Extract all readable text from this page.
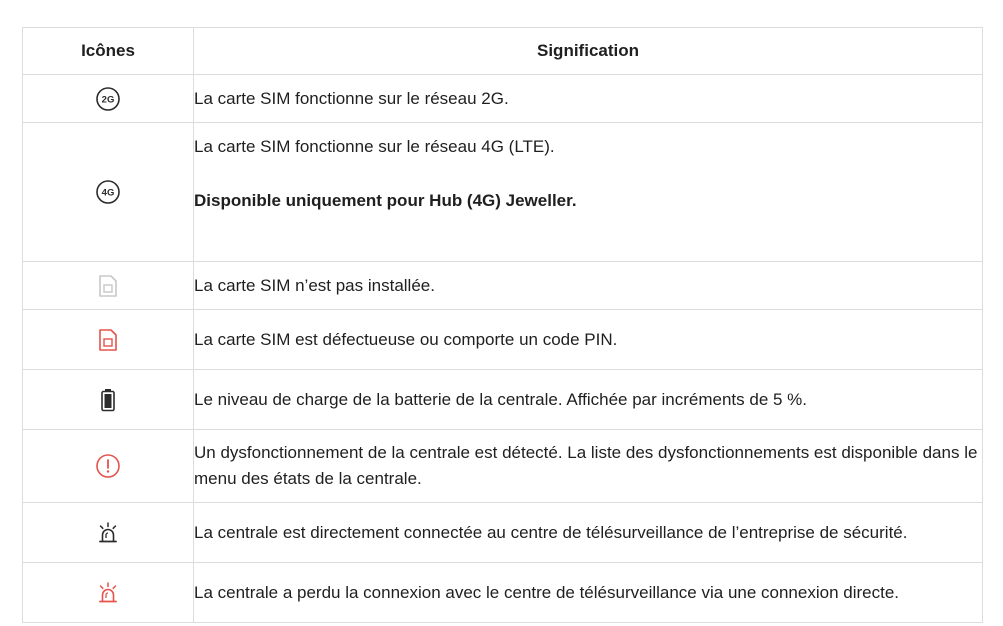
Icônes	Signification

2G	La carte SIM fonctionne sur le réseau 2G.

4G	La carte SIM fonctionne sur le réseau 4G (LTE).
Disponible uniquement pour Hub (4G) Jeweller.

	La carte SIM n’est pas installée.
	La carte SIM est défectueuse ou comporte un code PIN.
	Le niveau de charge de la batterie de la centrale. Affichée par incréments de 5 %.
	Un dysfonctionnement de la centrale est détecté. La liste des dysfonctionnements est disponible dans le menu des états de la centrale.
	La centrale est directement connectée au centre de télésurveillance de l’entreprise de sécurité.
	La centrale a perdu la connexion avec le centre de télésurveillance via une connexion directe.
